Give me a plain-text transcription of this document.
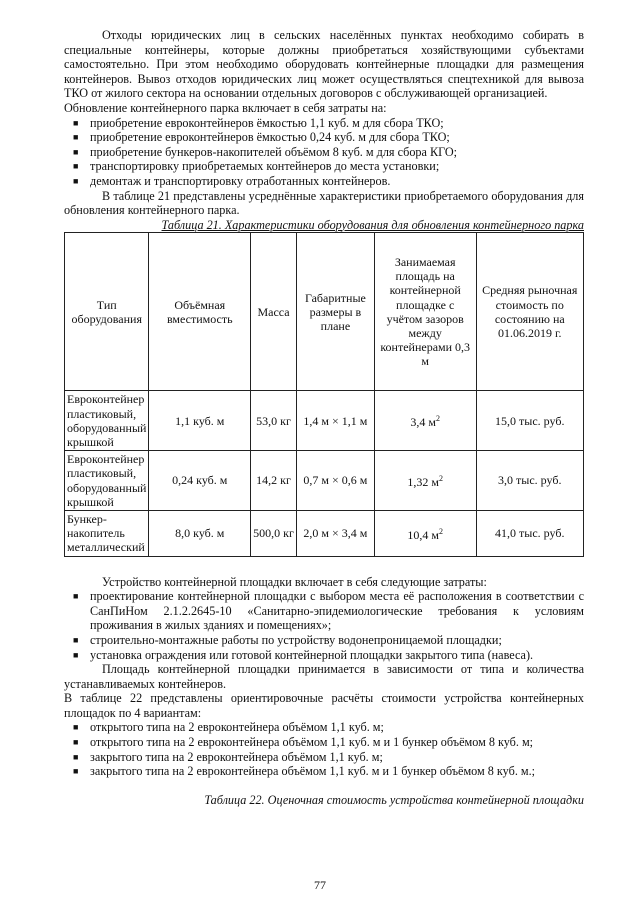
Отходы юридических лиц в сельских населённых пунктах необходимо собирать в специальные контейнеры, которые должны приобретаться хозяйствующими субъектами самостоятельно. При этом необходимо оборудовать контейнерные площадки для размещения контейнеров. Вывоз отходов юридических лиц может осуществляться спецтехникой для вывоза ТКО от жилого сектора на основании отдельных договоров с обслуживающей организацией.

Обновление контейнерного парка включает в себя затраты на:

■ приобретение евроконтейнеров ёмкостью 1,1 куб. м для сбора ТКО;
■ приобретение евроконтейнеров ёмкостью 0,24 куб. м для сбора ТКО;
■ приобретение бункеров-накопителей объёмом 8 куб. м для сбора КГО;
■ транспортировку приобретаемых контейнеров до места установки;
■ демонтаж и транспортировку отработанных контейнеров.

В таблице 21 представлены усреднённые характеристики приобретаемого оборудования для обновления контейнерного парка.

Таблица 21. Характеристики оборудования для обновления контейнерного парка

Тип оборудования	Объёмная вместимость	Масса	Габаритные размеры в плане	Занимаемая площадь на контейнерной площадке с учётом зазоров между контейнерами 0,3 м	Средняя рыночная стоимость по состоянию на 01.06.2019 г.
Евроконтейнер пластиковый, оборудованный крышкой	1,1 куб. м	53,0 кг	1,4 м × 1,1 м	3,4 $м^2$	15,0 тыс. руб.
Евроконтейнер пластиковый, оборудованный крышкой	0,24 куб. м	14,2 кг	0,7 м × 0,6 м	1,32 $м^2$	3,0 тыс. руб.
Бункер-накопитель металлический	8,0 куб. м	500,0 кг	2,0 м × 3,4 м	10,4 $м^2$	41,0 тыс. руб.

Устройство контейнерной площадки включает в себя следующие затраты:

■ проектирование контейнерной площадки с выбором места её расположения в соответствии с СанПиНом 2.1.2.2645-10 «Санитарно-эпидемиологические требования к условиям проживания в жилых зданиях и помещениях»;
■ строительно-монтажные работы по устройству водонепроницаемой площадки;
■ установка ограждения или готовой контейнерной площадки закрытого типа (навеса).

Площадь контейнерной площадки принимается в зависимости от типа и количества устанавливаемых контейнеров.

В таблице 22 представлены ориентировочные расчёты стоимости устройства контейнерных площадок по 4 вариантам:

■ открытого типа на 2 евроконтейнера объёмом 1,1 куб. м;
■ открытого типа на 2 евроконтейнера объёмом 1,1 куб. м и 1 бункер объёмом 8 куб. м;
■ закрытого типа на 2 евроконтейнера объёмом 1,1 куб. м;
■ закрытого типа на 2 евроконтейнера объёмом 1,1 куб. м и 1 бункер объёмом 8 куб. м.;

Таблица 22. Оценочная стоимость устройства контейнерной площадки

77
